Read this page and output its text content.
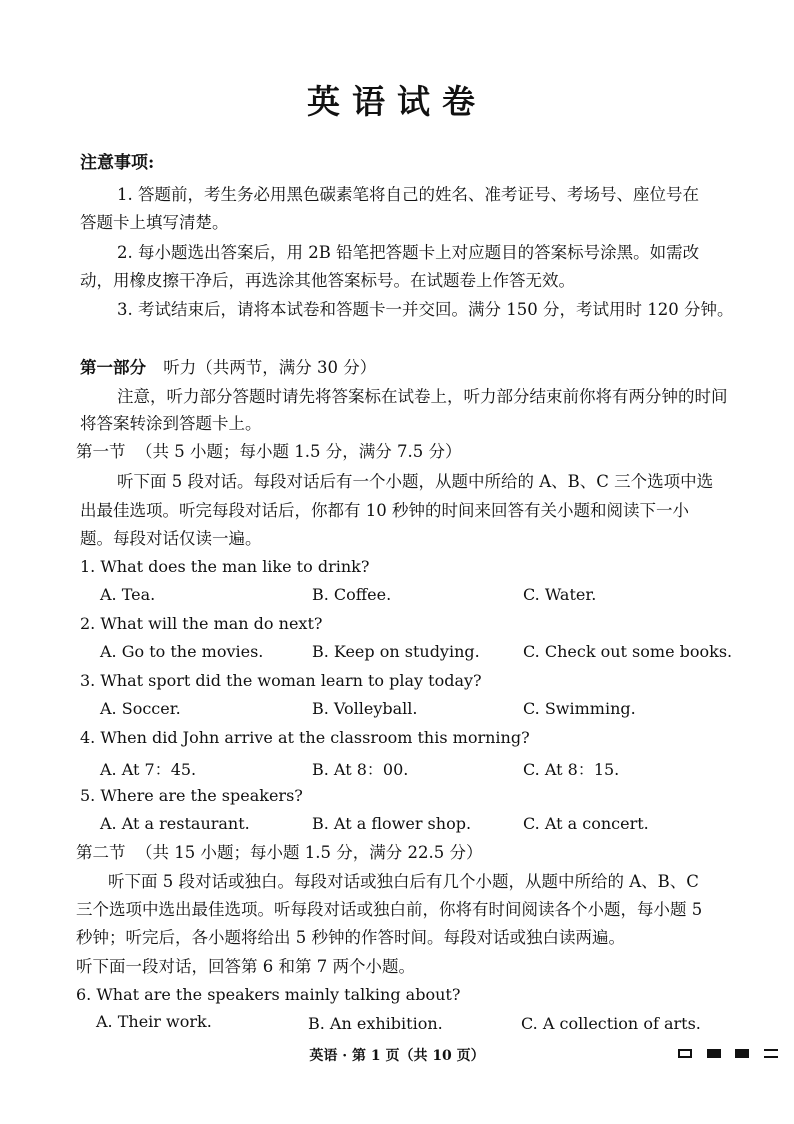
英语试卷
注意事项:
1. 答题前，考生务必用黑色碳素笔将自己的姓名、准考证号、考场号、座位号在
答题卡上填写清楚。
2. 每小题选出答案后，用 2B 铅笔把答题卡上对应题目的答案标号涂黑。如需改
动，用橡皮擦干净后，再选涂其他答案标号。在试题卷上作答无效。
3. 考试结束后，请将本试卷和答题卡一并交回。满分 150 分，考试用时 120 分钟。
第一部分 听力（共两节，满分 30 分）
注意，听力部分答题时请先将答案标在试卷上，听力部分结束前你将有两分钟的时间
将答案转涂到答题卡上。
第一节 （共 5 小题；每小题 1.5 分，满分 7.5 分）
听下面 5 段对话。每段对话后有一个小题，从题中所给的 A、B、C 三个选项中选
出最佳选项。听完每段对话后，你都有 10 秒钟的时间来回答有关小题和阅读下一小
题。每段对话仅读一遍。
1. What does the man like to drink?
A. Tea.	B. Coffee.	C. Water.
2. What will the man do next?
A. Go to the movies.	B. Keep on studying.	C. Check out some books.
3. What sport did the woman learn to play today?
A. Soccer.	B. Volleyball.	C. Swimming.
4. When did John arrive at the classroom this morning?
A. At 7：45.	B. At 8：00.	C. At 8：15.
5. Where are the speakers?
A. At a restaurant.	B. At a flower shop.	C. At a concert.
第二节 （共 15 小题；每小题 1.5 分，满分 22.5 分）
听下面 5 段对话或独白。每段对话或独白后有几个小题，从题中所给的 A、B、C
三个选项中选出最佳选项。听每段对话或独白前，你将有时间阅读各个小题，每小题 5
秒钟；听完后，各小题将给出 5 秒钟的作答时间。每段对话或独白读两遍。
听下面一段对话，回答第 6 和第 7 两个小题。
6. What are the speakers mainly talking about?
A. Their work.	B. An exhibition.	C. A collection of arts.
英语 · 第 1 页（共 10 页）
